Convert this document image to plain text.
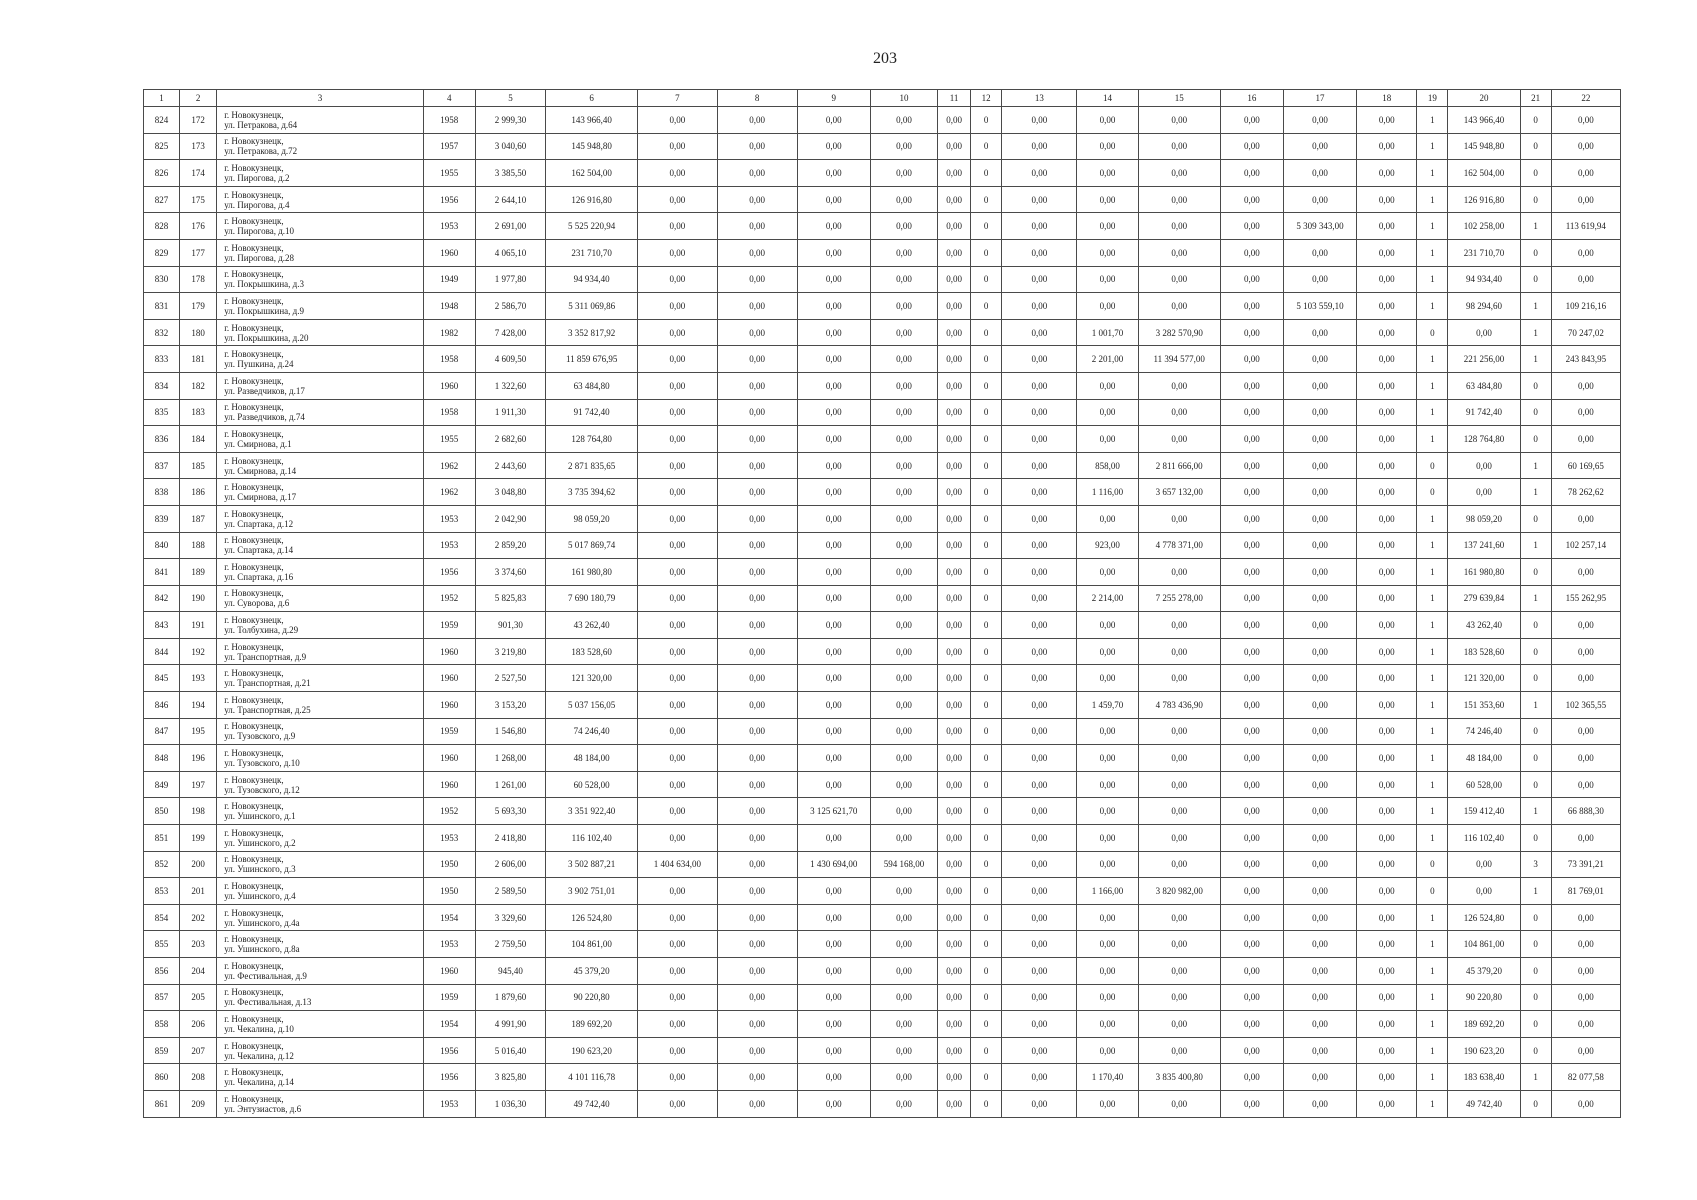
203
1	2	3	4	5	6	7	8	9	10	11	12	13	14	15	16	17	18	19	20	21	22
824	172	г. Новокузнецк,
ул. Петракова, д.64	1958	2 999,30	143 966,40	0,00	0,00	0,00	0,00	0,00	0	0,00	0,00	0,00	0,00	0,00	0,00	1	143 966,40	0	0,00
825	173	г. Новокузнецк,
ул. Петракова, д.72	1957	3 040,60	145 948,80	0,00	0,00	0,00	0,00	0,00	0	0,00	0,00	0,00	0,00	0,00	0,00	1	145 948,80	0	0,00
826	174	г. Новокузнецк,
ул. Пирогова, д.2	1955	3 385,50	162 504,00	0,00	0,00	0,00	0,00	0,00	0	0,00	0,00	0,00	0,00	0,00	0,00	1	162 504,00	0	0,00
827	175	г. Новокузнецк,
ул. Пирогова, д.4	1956	2 644,10	126 916,80	0,00	0,00	0,00	0,00	0,00	0	0,00	0,00	0,00	0,00	0,00	0,00	1	126 916,80	0	0,00
828	176	г. Новокузнецк,
ул. Пирогова, д.10	1953	2 691,00	5 525 220,94	0,00	0,00	0,00	0,00	0,00	0	0,00	0,00	0,00	0,00	5 309 343,00	0,00	1	102 258,00	1	113 619,94
829	177	г. Новокузнецк,
ул. Пирогова, д.28	1960	4 065,10	231 710,70	0,00	0,00	0,00	0,00	0,00	0	0,00	0,00	0,00	0,00	0,00	0,00	1	231 710,70	0	0,00
830	178	г. Новокузнецк,
ул. Покрышкина, д.3	1949	1 977,80	94 934,40	0,00	0,00	0,00	0,00	0,00	0	0,00	0,00	0,00	0,00	0,00	0,00	1	94 934,40	0	0,00
831	179	г. Новокузнецк,
ул. Покрышкина, д.9	1948	2 586,70	5 311 069,86	0,00	0,00	0,00	0,00	0,00	0	0,00	0,00	0,00	0,00	5 103 559,10	0,00	1	98 294,60	1	109 216,16
832	180	г. Новокузнецк,
ул. Покрышкина, д.20	1982	7 428,00	3 352 817,92	0,00	0,00	0,00	0,00	0,00	0	0,00	1 001,70	3 282 570,90	0,00	0,00	0,00	0	0,00	1	70 247,02
833	181	г. Новокузнецк,
ул. Пушкина, д.24	1958	4 609,50	11 859 676,95	0,00	0,00	0,00	0,00	0,00	0	0,00	2 201,00	11 394 577,00	0,00	0,00	0,00	1	221 256,00	1	243 843,95
834	182	г. Новокузнецк,
ул. Разведчиков, д.17	1960	1 322,60	63 484,80	0,00	0,00	0,00	0,00	0,00	0	0,00	0,00	0,00	0,00	0,00	0,00	1	63 484,80	0	0,00
835	183	г. Новокузнецк,
ул. Разведчиков, д.74	1958	1 911,30	91 742,40	0,00	0,00	0,00	0,00	0,00	0	0,00	0,00	0,00	0,00	0,00	0,00	1	91 742,40	0	0,00
836	184	г. Новокузнецк,
ул. Смирнова, д.1	1955	2 682,60	128 764,80	0,00	0,00	0,00	0,00	0,00	0	0,00	0,00	0,00	0,00	0,00	0,00	1	128 764,80	0	0,00
837	185	г. Новокузнецк,
ул. Смирнова, д.14	1962	2 443,60	2 871 835,65	0,00	0,00	0,00	0,00	0,00	0	0,00	858,00	2 811 666,00	0,00	0,00	0,00	0	0,00	1	60 169,65
838	186	г. Новокузнецк,
ул. Смирнова, д.17	1962	3 048,80	3 735 394,62	0,00	0,00	0,00	0,00	0,00	0	0,00	1 116,00	3 657 132,00	0,00	0,00	0,00	0	0,00	1	78 262,62
839	187	г. Новокузнецк,
ул. Спартака, д.12	1953	2 042,90	98 059,20	0,00	0,00	0,00	0,00	0,00	0	0,00	0,00	0,00	0,00	0,00	0,00	1	98 059,20	0	0,00
840	188	г. Новокузнецк,
ул. Спартака, д.14	1953	2 859,20	5 017 869,74	0,00	0,00	0,00	0,00	0,00	0	0,00	923,00	4 778 371,00	0,00	0,00	0,00	1	137 241,60	1	102 257,14
841	189	г. Новокузнецк,
ул. Спартака, д.16	1956	3 374,60	161 980,80	0,00	0,00	0,00	0,00	0,00	0	0,00	0,00	0,00	0,00	0,00	0,00	1	161 980,80	0	0,00
842	190	г. Новокузнецк,
ул. Суворова, д.6	1952	5 825,83	7 690 180,79	0,00	0,00	0,00	0,00	0,00	0	0,00	2 214,00	7 255 278,00	0,00	0,00	0,00	1	279 639,84	1	155 262,95
843	191	г. Новокузнецк,
ул. Толбухина, д.29	1959	901,30	43 262,40	0,00	0,00	0,00	0,00	0,00	0	0,00	0,00	0,00	0,00	0,00	0,00	1	43 262,40	0	0,00
844	192	г. Новокузнецк,
ул. Транспортная, д.9	1960	3 219,80	183 528,60	0,00	0,00	0,00	0,00	0,00	0	0,00	0,00	0,00	0,00	0,00	0,00	1	183 528,60	0	0,00
845	193	г. Новокузнецк,
ул. Транспортная, д.21	1960	2 527,50	121 320,00	0,00	0,00	0,00	0,00	0,00	0	0,00	0,00	0,00	0,00	0,00	0,00	1	121 320,00	0	0,00
846	194	г. Новокузнецк,
ул. Транспортная, д.25	1960	3 153,20	5 037 156,05	0,00	0,00	0,00	0,00	0,00	0	0,00	1 459,70	4 783 436,90	0,00	0,00	0,00	1	151 353,60	1	102 365,55
847	195	г. Новокузнецк,
ул. Тузовского, д.9	1959	1 546,80	74 246,40	0,00	0,00	0,00	0,00	0,00	0	0,00	0,00	0,00	0,00	0,00	0,00	1	74 246,40	0	0,00
848	196	г. Новокузнецк,
ул. Тузовского, д.10	1960	1 268,00	48 184,00	0,00	0,00	0,00	0,00	0,00	0	0,00	0,00	0,00	0,00	0,00	0,00	1	48 184,00	0	0,00
849	197	г. Новокузнецк,
ул. Тузовского, д.12	1960	1 261,00	60 528,00	0,00	0,00	0,00	0,00	0,00	0	0,00	0,00	0,00	0,00	0,00	0,00	1	60 528,00	0	0,00
850	198	г. Новокузнецк,
ул. Ушинского, д.1	1952	5 693,30	3 351 922,40	0,00	0,00	3 125 621,70	0,00	0,00	0	0,00	0,00	0,00	0,00	0,00	0,00	1	159 412,40	1	66 888,30
851	199	г. Новокузнецк,
ул. Ушинского, д.2	1953	2 418,80	116 102,40	0,00	0,00	0,00	0,00	0,00	0	0,00	0,00	0,00	0,00	0,00	0,00	1	116 102,40	0	0,00
852	200	г. Новокузнецк,
ул. Ушинского, д.3	1950	2 606,00	3 502 887,21	1 404 634,00	0,00	1 430 694,00	594 168,00	0,00	0	0,00	0,00	0,00	0,00	0,00	0,00	0	0,00	3	73 391,21
853	201	г. Новокузнецк,
ул. Ушинского, д.4	1950	2 589,50	3 902 751,01	0,00	0,00	0,00	0,00	0,00	0	0,00	1 166,00	3 820 982,00	0,00	0,00	0,00	0	0,00	1	81 769,01
854	202	г. Новокузнецк,
ул. Ушинского, д.4а	1954	3 329,60	126 524,80	0,00	0,00	0,00	0,00	0,00	0	0,00	0,00	0,00	0,00	0,00	0,00	1	126 524,80	0	0,00
855	203	г. Новокузнецк,
ул. Ушинского, д.8а	1953	2 759,50	104 861,00	0,00	0,00	0,00	0,00	0,00	0	0,00	0,00	0,00	0,00	0,00	0,00	1	104 861,00	0	0,00
856	204	г. Новокузнецк,
ул. Фестивальная, д.9	1960	945,40	45 379,20	0,00	0,00	0,00	0,00	0,00	0	0,00	0,00	0,00	0,00	0,00	0,00	1	45 379,20	0	0,00
857	205	г. Новокузнецк,
ул. Фестивальная, д.13	1959	1 879,60	90 220,80	0,00	0,00	0,00	0,00	0,00	0	0,00	0,00	0,00	0,00	0,00	0,00	1	90 220,80	0	0,00
858	206	г. Новокузнецк,
ул. Чекалина, д.10	1954	4 991,90	189 692,20	0,00	0,00	0,00	0,00	0,00	0	0,00	0,00	0,00	0,00	0,00	0,00	1	189 692,20	0	0,00
859	207	г. Новокузнецк,
ул. Чекалина, д.12	1956	5 016,40	190 623,20	0,00	0,00	0,00	0,00	0,00	0	0,00	0,00	0,00	0,00	0,00	0,00	1	190 623,20	0	0,00
860	208	г. Новокузнецк,
ул. Чекалина, д.14	1956	3 825,80	4 101 116,78	0,00	0,00	0,00	0,00	0,00	0	0,00	1 170,40	3 835 400,80	0,00	0,00	0,00	1	183 638,40	1	82 077,58
861	209	г. Новокузнецк,
ул. Энтузиастов, д.6	1953	1 036,30	49 742,40	0,00	0,00	0,00	0,00	0,00	0	0,00	0,00	0,00	0,00	0,00	0,00	1	49 742,40	0	0,00
